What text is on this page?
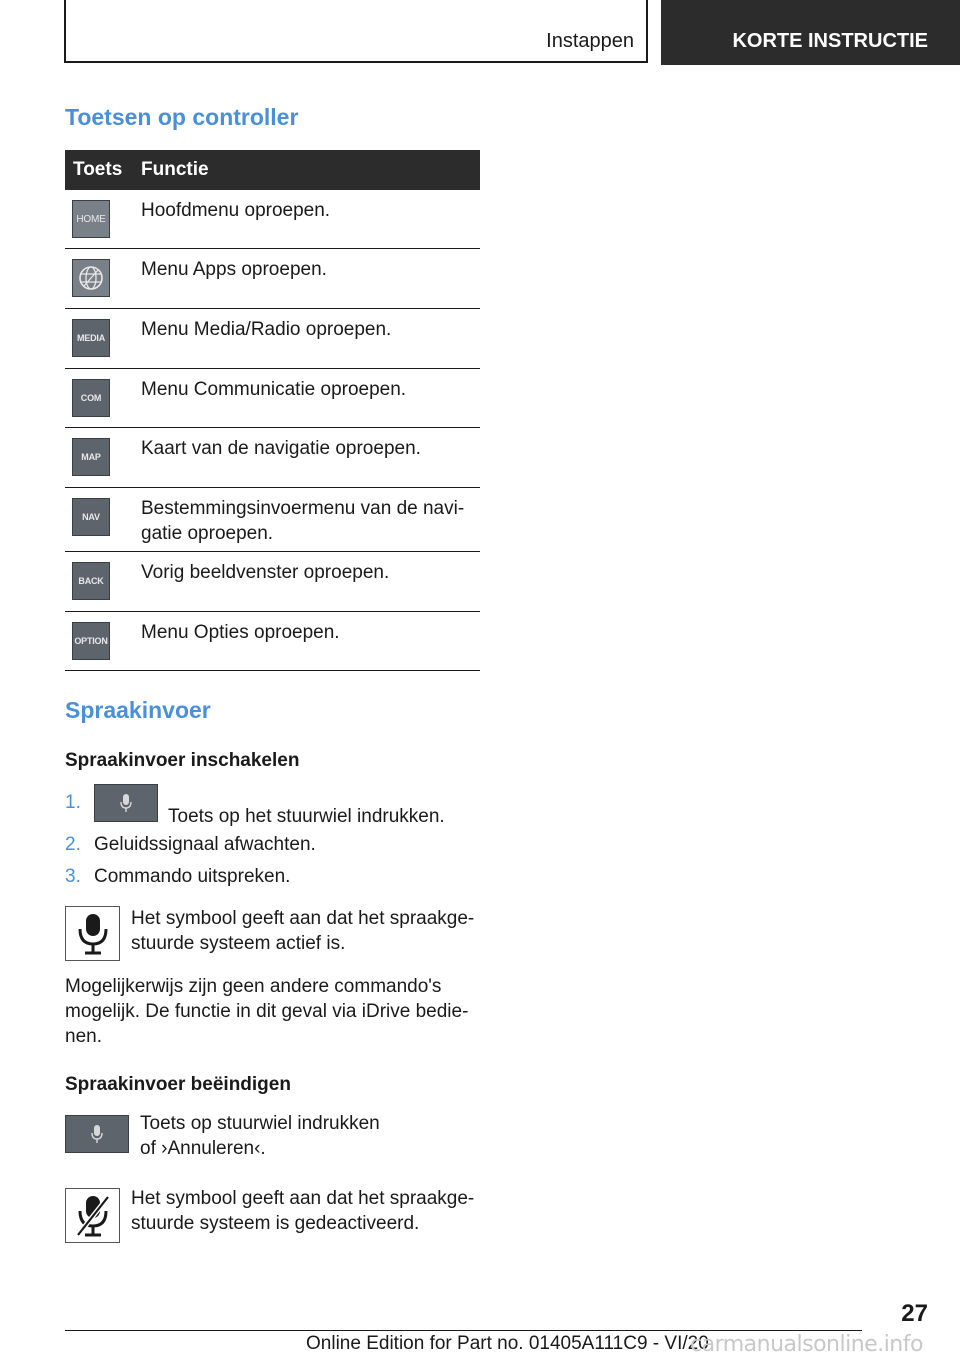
Instappen	KORTE INSTRUCTIE
Toetsen op controller
Toets Functie
HOME Hoofdmenu oproepen.
Menu Apps oproepen.
MEDIA Menu Media/Radio oproepen.
COM	Menu Communicatie oproepen.
MAP	Kaart van de navigatie oproepen.
NAV	Bestemmingsinvoermenu van de navi-
gatie oproepen.
BACK	Vorig beeldvenster oproepen.
OPTION Menu Opties oproepen.
Spraakinvoer
Spraakinvoer inschakelen
1.
Toets op het stuurwiel indrukken.
2. Geluidssignaal afwachten.
3. Commando uitspreken.
Het symbool geeft aan dat het spraakge-
stuurde systeem actief is.
Mogelijkerwijs zijn geen andere commando's
mogelijk. De functie in dit geval via iDrive bedie-
nen.
Spraakinvoer beëindigen
Toets op stuurwiel indrukken
of ›Annuleren‹.
Het symbool geeft aan dat het spraakge-
stuurde systeem is gedeactiveerd.
27
Online Edition for Part no. 01405A111C9 - VI/20
carmanualsonline.info
